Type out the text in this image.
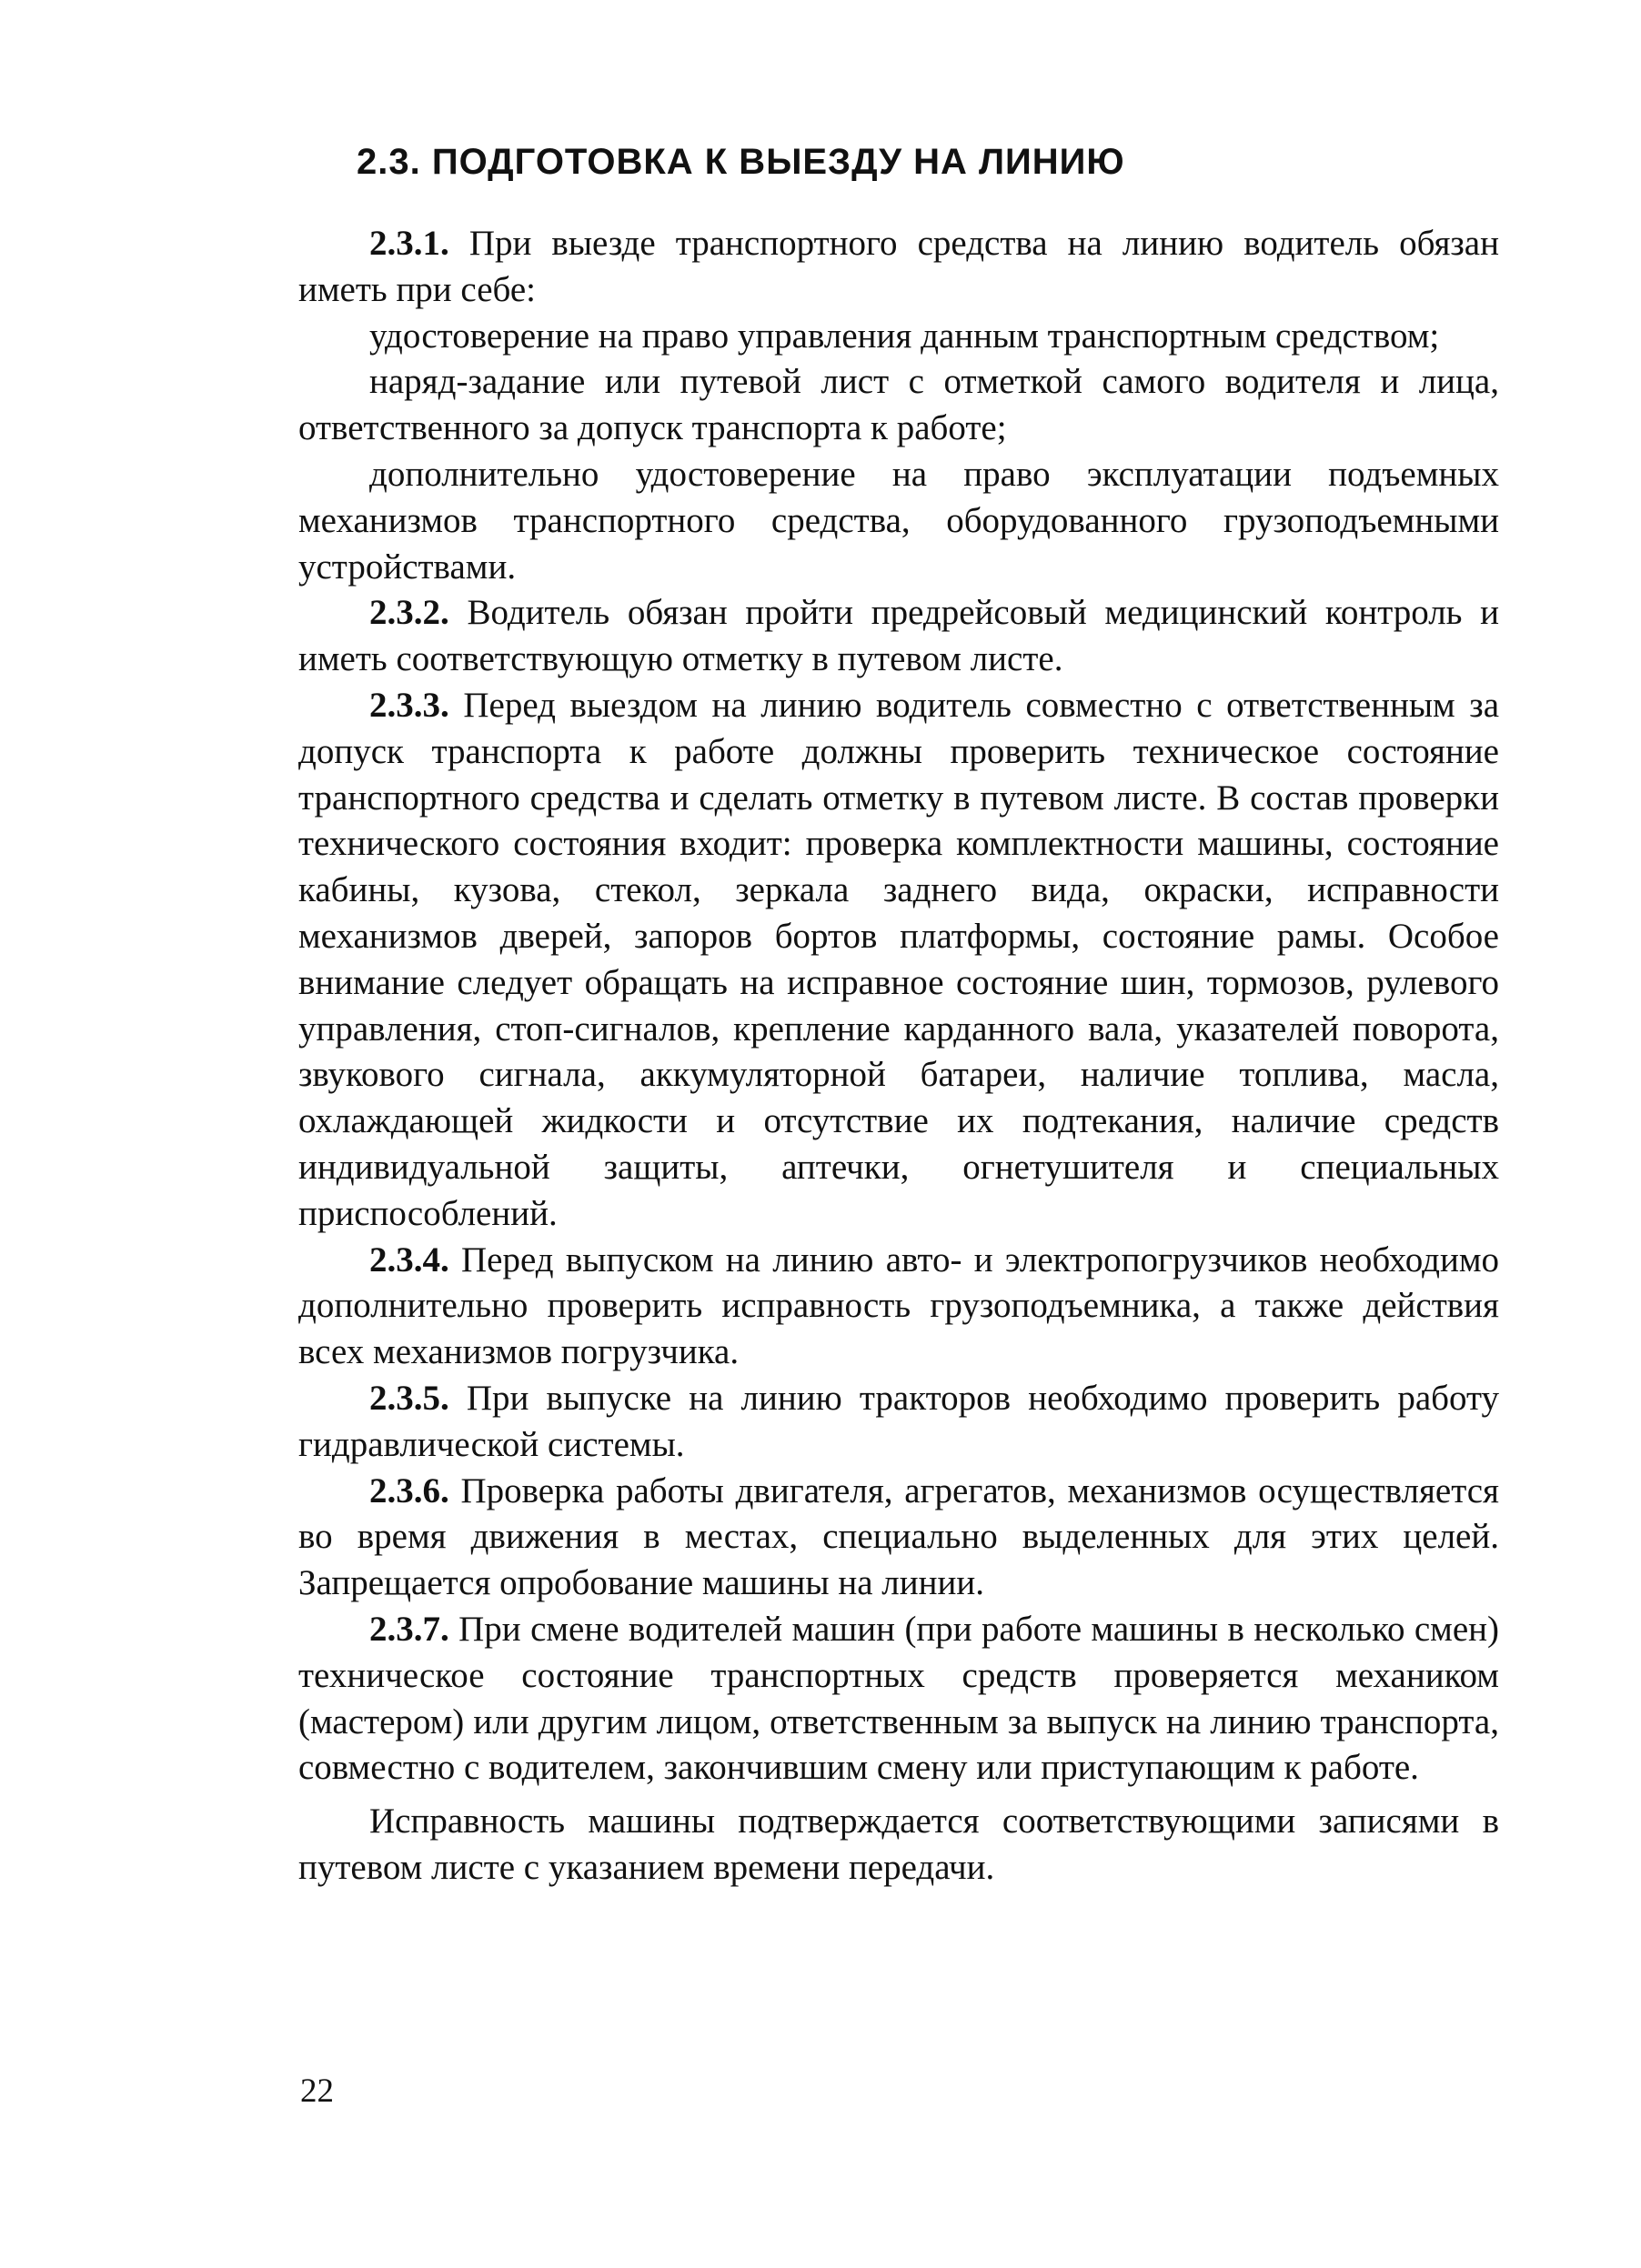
2.3. ПОДГОТОВКА К ВЫЕЗДУ НА ЛИНИЮ

2.3.1. При выезде транспортного средства на линию водитель обязан иметь при себе:

удостоверение на право управления данным транспортным средством;

наряд-задание или путевой лист с отметкой самого водителя и лица, ответственного за допуск транспорта к работе;

дополнительно удостоверение на право эксплуатации подъемных механизмов транспортного средства, оборудованного грузоподъемными устройствами.

2.3.2. Водитель обязан пройти предрейсовый медицинский контроль и иметь соответствующую отметку в путевом листе.

2.3.3. Перед выездом на линию водитель совместно с ответственным за допуск транспорта к работе должны проверить техническое состояние транспортного средства и сделать отметку в путевом листе. В состав проверки технического состояния входит: проверка комплектности машины, состояние кабины, кузова, стекол, зеркала заднего вида, окраски, исправности механизмов дверей, запоров бортов платформы, состояние рамы. Особое внимание следует обращать на исправное состояние шин, тормозов, рулевого управления, стоп-сигналов, крепление карданного вала, указателей поворота, звукового сигнала, аккумуляторной батареи, наличие топлива, масла, охлаждающей жидкости и отсутствие их подтекания, наличие средств индивидуальной защиты, аптечки, огнетушителя и специальных приспособлений.

2.3.4. Перед выпуском на линию авто- и электропогрузчиков необходимо дополнительно проверить исправность грузоподъемника, а также действия всех механизмов погрузчика.

2.3.5. При выпуске на линию тракторов необходимо проверить работу гидравлической системы.

2.3.6. Проверка работы двигателя, агрегатов, механизмов осуществляется во время движения в местах, специально выделенных для этих целей. Запрещается опробование машины на линии.

2.3.7. При смене водителей машин (при работе машины в несколько смен) техническое состояние транспортных средств проверяется механиком (мастером) или другим лицом, ответственным за выпуск на линию транспорта, совместно с водителем, закончившим смену или приступающим к работе.

Исправность машины подтверждается соответствующими записями в путевом листе с указанием времени передачи.

22
